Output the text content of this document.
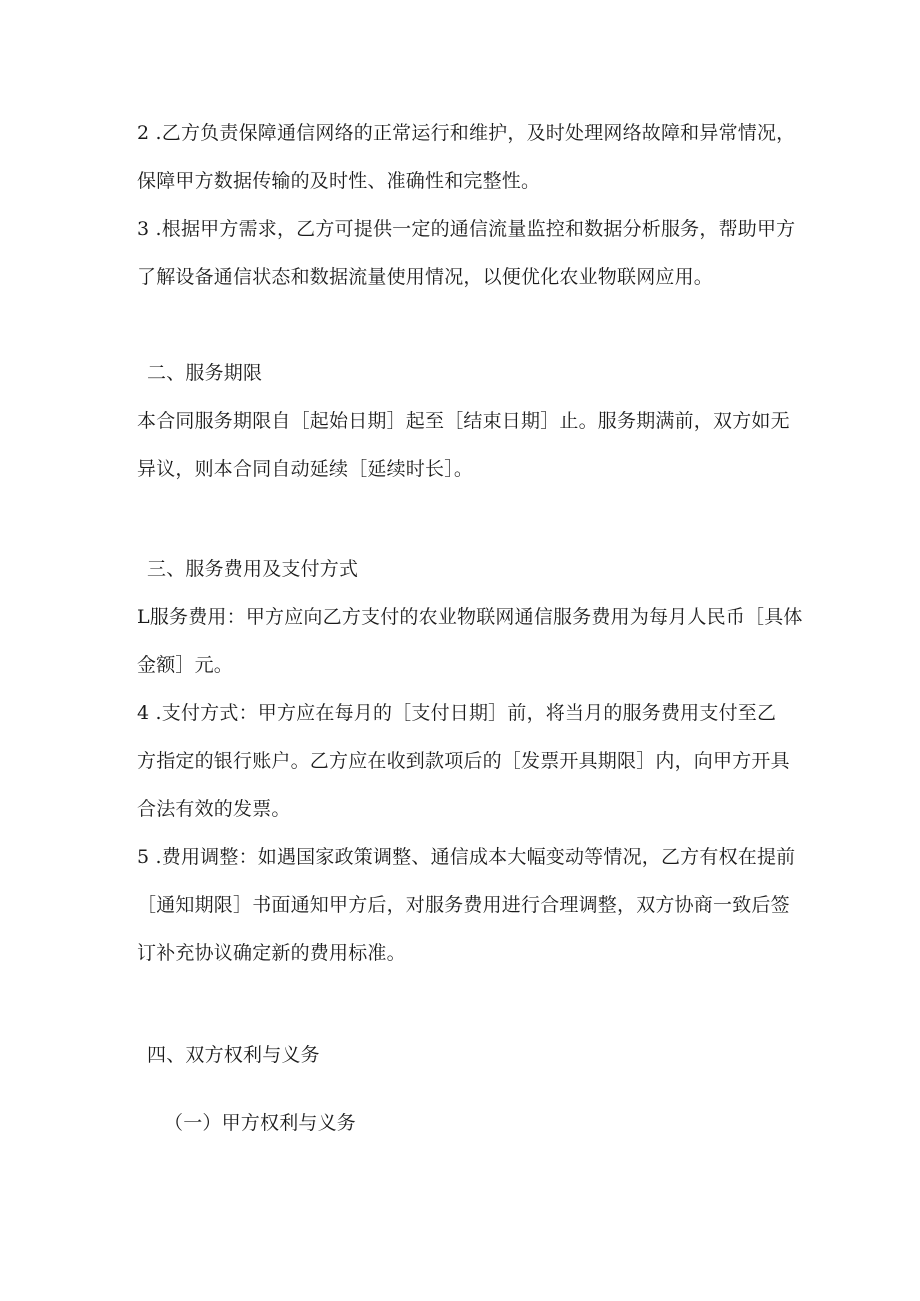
2 .乙方负责保障通信网络的正常运行和维护，及时处理网络故障和异常情况，
保障甲方数据传输的及时性、准确性和完整性。
3 .根据甲方需求，乙方可提供一定的通信流量监控和数据分析服务，帮助甲方
了解设备通信状态和数据流量使用情况，以便优化农业物联网应用。
二、服务期限
本合同服务期限自［起始日期］起至［结束日期］止。服务期满前，双方如无
异议，则本合同自动延续［延续时长］。
三、服务费用及支付方式
L服务费用：甲方应向乙方支付的农业物联网通信服务费用为每月人民币［具体
金额］元。
4 .支付方式：甲方应在每月的［支付日期］前，将当月的服务费用支付至乙
方指定的银行账户。乙方应在收到款项后的［发票开具期限］内，向甲方开具
合法有效的发票。
5 .费用调整：如遇国家政策调整、通信成本大幅变动等情况，乙方有权在提前
［通知期限］书面通知甲方后，对服务费用进行合理调整，双方协商一致后签
订补充协议确定新的费用标准。
四、双方权利与义务
（一）甲方权利与义务
